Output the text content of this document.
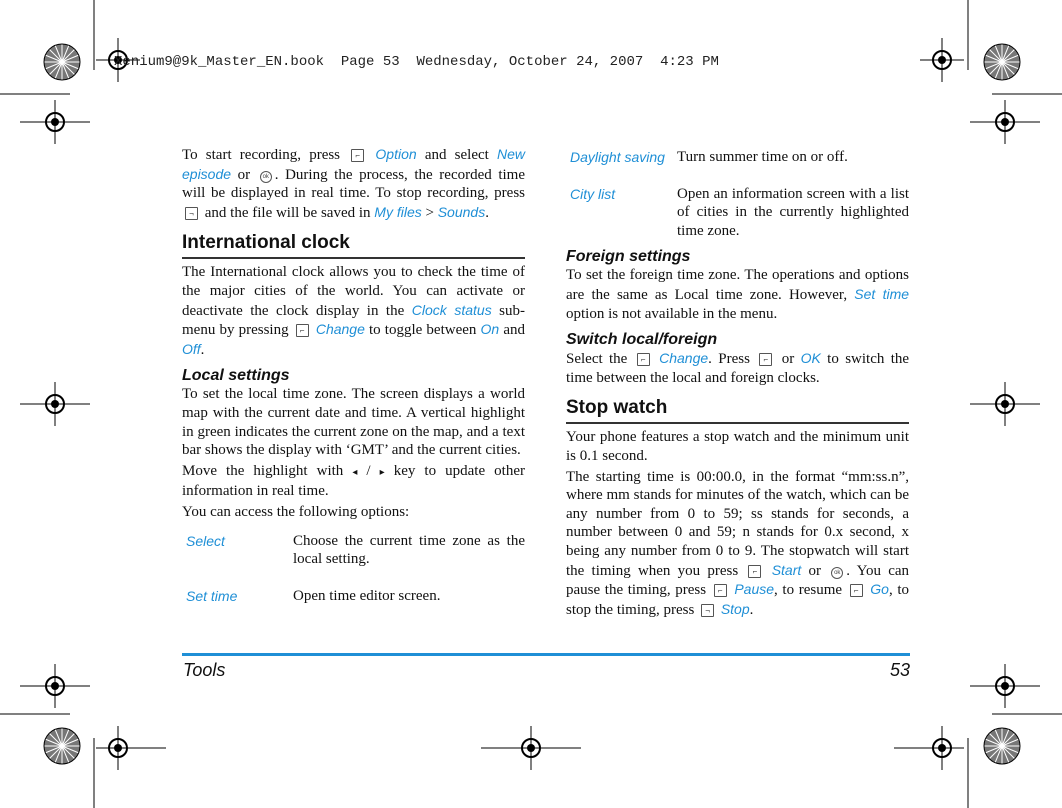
Xenium9@9k_Master_EN.book  Page 53  Wednesday, October 24, 2007  4:23 PM

To start recording, press ⌐ Option and select New episode or ok . During the process, the recorded time will be displayed in real time. To stop recording, press ¬ and the file will be saved in My files > Sounds.

International clock

The International clock allows you to check the time of the major cities of the world. You can activate or deactivate the clock display in the Clock status sub-menu by pressing ⌐ Change to toggle between On and Off.

Local settings

To set the local time zone. The screen displays a world map with the current date and time. A vertical highlight in green indicates the current zone on the map, and a text bar shows the display with ‘GMT’ and the current cities.

Move the highlight with ◂ / ▸ key to update other information in real time.

You can access the following options:

Select	Choose the current time zone as the local setting.
Set time	Open time editor screen.
Daylight saving	Turn summer time on or off.
City list	Open an information screen with a list of cities in the currently highlighted time zone.
Foreign settings

To set the foreign time zone. The operations and options are the same as Local time zone. However, Set time option is not available in the menu.

Switch local/foreign

Select the ⌐ Change. Press ⌐ or OK to switch the time between the local and foreign clocks.

Stop watch

Your phone features a stop watch and the minimum unit is 0.1 second.

The starting time is 00:00.0, in the format “mm:ss.n”, where mm stands for minutes of the watch, which can be any number from 0 to 59; ss stands for seconds, a number between 0 and 59; n stands for 0.x second, x being any number from 0 to 9. The stopwatch will start the timing when you press ⌐ Start or ok . You can pause the timing, press ⌐ Pause, to resume ⌐ Go, to stop the timing, press ¬ Stop.

Tools	53
